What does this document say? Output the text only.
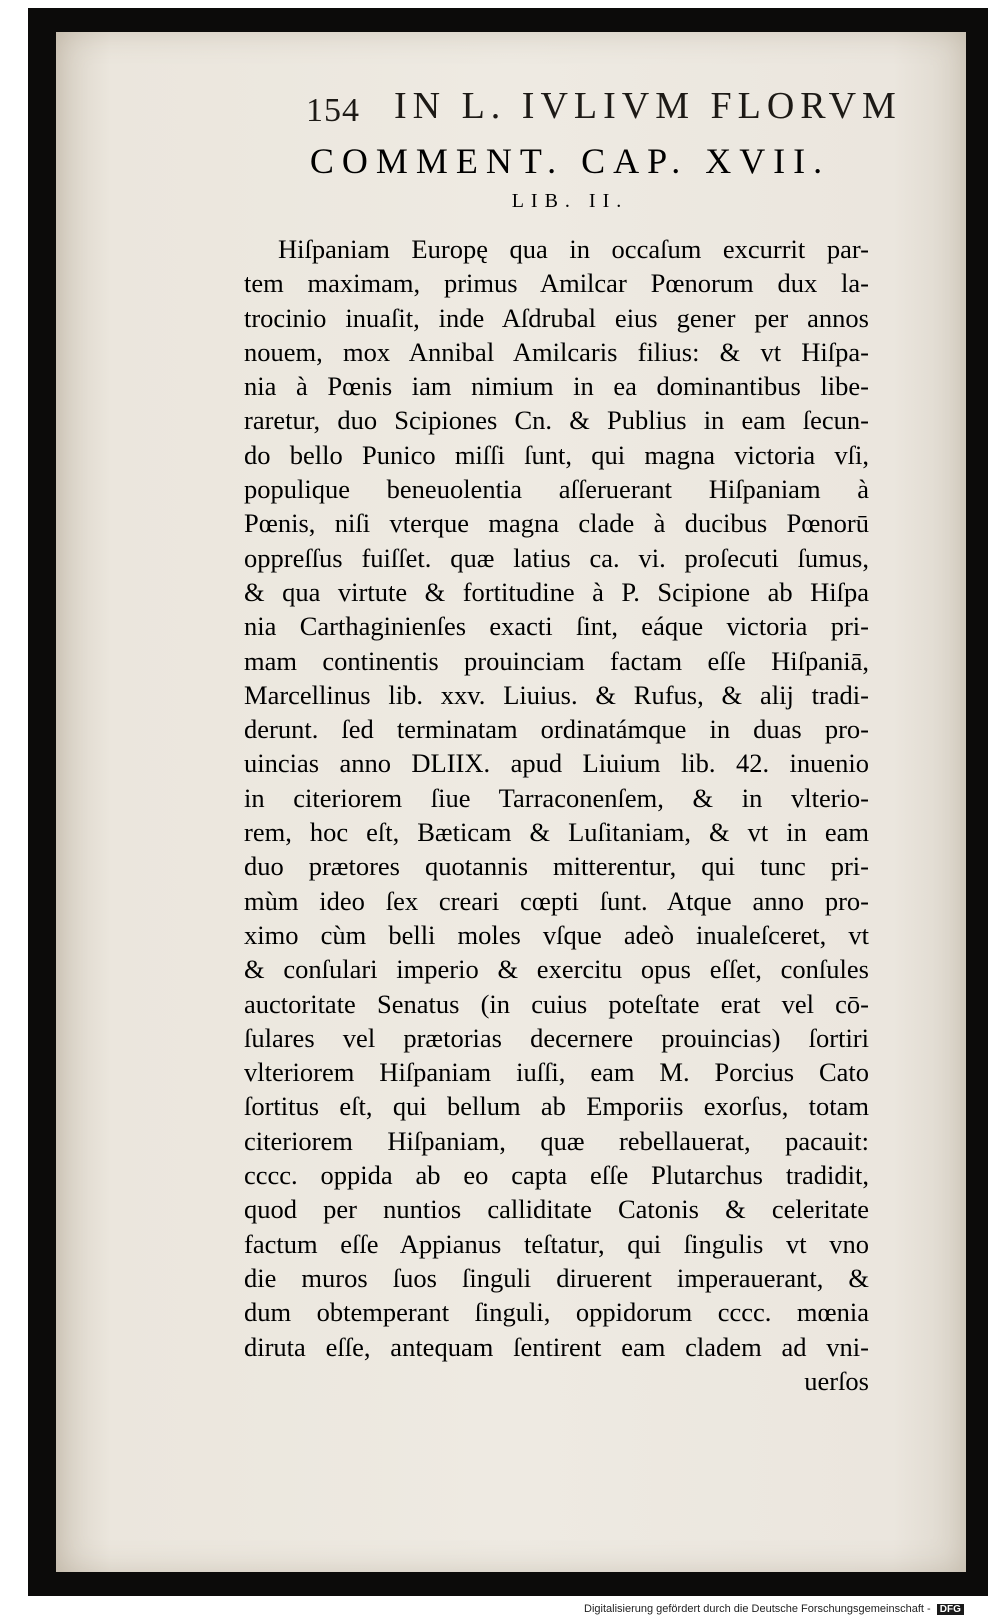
154 IN L. IVLIVM FLORVM
COMMENT. CAP. XVII.
LIB. II.
Hiſpaniam Europę qua in occaſum excurrit par-
tem maximam, primus Amilcar Pœnorum dux la-
trocinio inuaſit, inde Aſdrubal eius gener per annos
nouem, mox Annibal Amilcaris filius: & vt Hiſpa-
nia à Pœnis iam nimium in ea dominantibus libe-
raretur, duo Scipiones Cn. & Publius in eam ſecun-
do bello Punico miſſi ſunt, qui magna victoria vſi,
populique beneuolentia aſſeruerant Hiſpaniam à
Pœnis, niſi vterque magna clade à ducibus Pœnorū
oppreſſus fuiſſet. quæ latius ca. vi. proſecuti ſumus,
& qua virtute & fortitudine à P. Scipione ab Hiſpa
nia Carthaginienſes exacti ſint, eáque victoria pri-
mam continentis prouinciam factam eſſe Hiſpaniā,
Marcellinus lib. xxv. Liuius. & Rufus, & alij tradi-
derunt. ſed terminatam ordinatámque in duas pro-
uincias anno DLIIX. apud Liuium lib. 42. inuenio
in citeriorem ſiue Tarraconenſem, & in vlterio-
rem, hoc eſt, Bæticam & Luſitaniam, & vt in eam
duo prætores quotannis mitterentur, qui tunc pri-
mùm ideo ſex creari cœpti ſunt. Atque anno pro-
ximo cùm belli moles vſque adeò inualeſceret, vt
& conſulari imperio & exercitu opus eſſet, conſules
auctoritate Senatus (in cuius poteſtate erat vel cō-
ſulares vel prætorias decernere prouincias) ſortiri
vlteriorem Hiſpaniam iuſſi, eam M. Porcius Cato
ſortitus eſt, qui bellum ab Emporiis exorſus, totam
citeriorem Hiſpaniam, quæ rebellauerat, pacauit:
cccc. oppida ab eo capta eſſe Plutarchus tradidit,
quod per nuntios calliditate Catonis & celeritate
factum eſſe Appianus teſtatur, qui ſingulis vt vno
die muros ſuos ſinguli diruerent imperauerant, &
dum obtemperant ſinguli, oppidorum cccc. mœnia
diruta eſſe, antequam ſentirent eam cladem ad vni-
uerſos
Digitalisierung gefördert durch die Deutsche Forschungsgemeinschaft - DFG
